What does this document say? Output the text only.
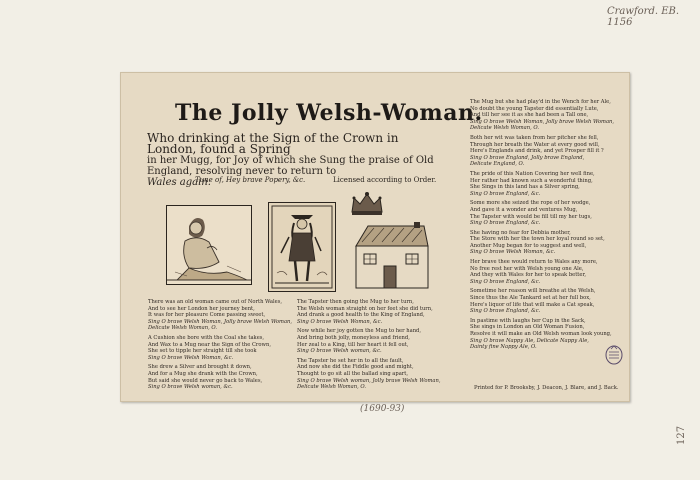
Crawford. EB. 1156
The Jolly Welsh-Woman.
Who drinking at the Sign of the Crown in London, found a Spring
in her Mugg, for Joy of which she Sung the praise of Old England, resolving never to return to
Wales again.
Tune of, Hey brave Popery, &c.	Licensed according to Order.
There was an old woman came out of North Wales,
And to see her London her journey bent,
It was for her pleasure Come passing sweet,
Sing O brave Welsh Woman, Jolly brave Welsh Woman,
Delicate Welsh Woman, O.
A Cushion she bore with the Coal she takes,
And Wax to a Mug near the Sign of the Crown,
She set to tipple her straight till she took
Sing O brave Welsh Woman, &c.
She drew a Silver and brought it down,
And for a Mug she drank with the Crown,
But said she would never go back to Wales,
Sing O brave Welsh woman, &c.
The Tapster then going the Mug to her turn,
The Welsh woman straight on her feet she did turn,
And drank a good health to the King of England,
Sing O brave Welsh Woman, &c.
Now while her joy gotten the Mug to her hand,
And bring both jolly, moneyless and friend,
Her zeal to a King, till her heart it fell out,
Sing O brave Welsh woman, &c.
The Tapster he set her in to all the fault,
And now she did the Fiddle good and might,
Thought to go sit all the ballad sing apart,
Sing O brave Welsh woman, Jolly brave Welsh Woman,
Delicate Welsh Woman, O.
The Mug but she had play'd in the Wench for her Ale,
No doubt the young Tapster did essentially Lute,
And till her see it as she had been a Tall one,
Sing O brave Welsh Woman, Jolly brave Welsh Woman,
Delicate Welsh Woman, O.
Both her wit was taken from her pitcher she fell,
Through her breath the Water at every good will,
Here's Englands and drink, and yet Prosper fill it ?
Sing O brave England, Jolly brave England,
Delicate England, O.
The pride of this Nation Covering her well fine,
Her rather had known such a wonderful thing,
She Sings in this land has a Silver spring,
Sing O brave England, &c.
Some more she seized the rope of her wodge,
And gave it a wonder and ventures Mug,
The Tapster with would be fill till my her tugs,
Sing O brave England, &c.
She having no fear for Debbia mother,
The Store with her the town her loyal round so set,
Another Mug began for to suggest and well,
Sing O brave Welsh Woman, &c.
Her brave thee would return to Wales any more,
No free rest her with Welsh young one Ale,
And they with Wales for her to speak better,
Sing O brave England, &c.
Sometime her reason will breathe at the Welsh,
Since thus the Ale Tankard set at her full box,
Here's liquor of life that will make a Cat speak,
Sing O brave England, &c.
In pastime with laughs her Cup in the Sack,
She sings in London an Old Woman Fusion,
Resolve it will make an Old Welsh woman look young,
Sing O brave Nappy Ale, Delicate Nappy Ale,
Dainty fine Nappy Ale, O.
Printed for P. Brooksby, J. Deacon, J. Blare, and J. Back.
(1690-93)
127
